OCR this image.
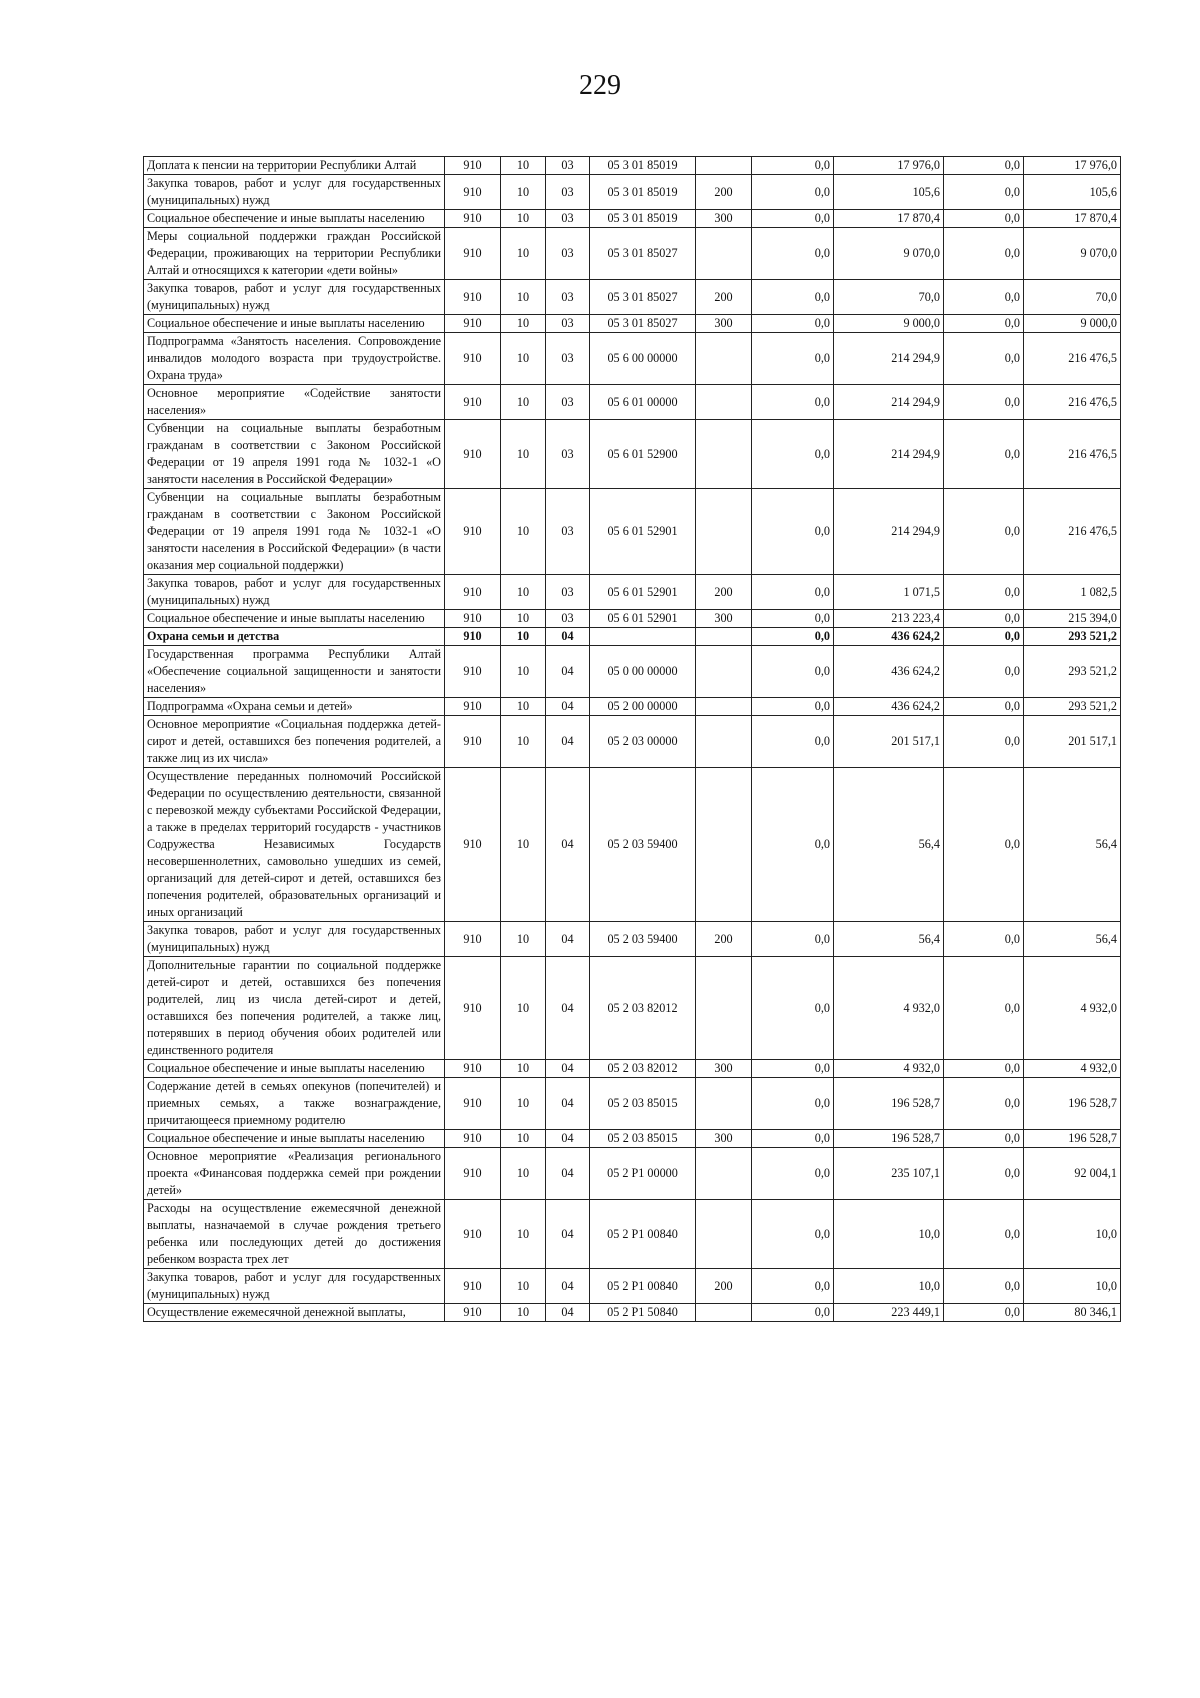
229
Доплата к пенсии на территории Республики Алтай	910	10	03	05 3 01 85019		0,0	17 976,0	0,0	17 976,0
Закупка товаров, работ и услуг для государственных (муниципальных) нужд	910	10	03	05 3 01 85019	200	0,0	105,6	0,0	105,6
Социальное обеспечение и иные выплаты населению	910	10	03	05 3 01 85019	300	0,0	17 870,4	0,0	17 870,4
Меры социальной поддержки граждан Российской Федерации, проживающих на территории Республики Алтай и относящихся к категории «дети войны»	910	10	03	05 3 01 85027		0,0	9 070,0	0,0	9 070,0
Закупка товаров, работ и услуг для государственных (муниципальных) нужд	910	10	03	05 3 01 85027	200	0,0	70,0	0,0	70,0
Социальное обеспечение и иные выплаты населению	910	10	03	05 3 01 85027	300	0,0	9 000,0	0,0	9 000,0
Подпрограмма «Занятость населения. Сопровождение инвалидов молодого возраста при трудоустройстве. Охрана труда»	910	10	03	05 6 00 00000		0,0	214 294,9	0,0	216 476,5
Основное мероприятие «Содействие занятости населения»	910	10	03	05 6 01 00000		0,0	214 294,9	0,0	216 476,5
Субвенции на социальные выплаты безработным гражданам в соответствии с Законом Российской Федерации от 19 апреля 1991 года № 1032-1 «О занятости населения в Российской Федерации»	910	10	03	05 6 01 52900		0,0	214 294,9	0,0	216 476,5
Субвенции на социальные выплаты безработным гражданам в соответствии с Законом Российской Федерации от 19 апреля 1991 года № 1032-1 «О занятости населения в Российской Федерации» (в части оказания мер социальной поддержки)	910	10	03	05 6 01 52901		0,0	214 294,9	0,0	216 476,5
Закупка товаров, работ и услуг для государственных (муниципальных) нужд	910	10	03	05 6 01 52901	200	0,0	1 071,5	0,0	1 082,5
Социальное обеспечение и иные выплаты населению	910	10	03	05 6 01 52901	300	0,0	213 223,4	0,0	215 394,0
Охрана семьи и детства	910	10	04			0,0	436 624,2	0,0	293 521,2
Государственная программа Республики Алтай «Обеспечение социальной защищенности и занятости населения»	910	10	04	05 0 00 00000		0,0	436 624,2	0,0	293 521,2
Подпрограмма «Охрана семьи и детей»	910	10	04	05 2 00 00000		0,0	436 624,2	0,0	293 521,2
Основное мероприятие «Социальная поддержка детей-сирот и детей, оставшихся без попечения родителей, а также лиц из их числа»	910	10	04	05 2 03 00000		0,0	201 517,1	0,0	201 517,1
Осуществление переданных полномочий Российской Федерации по осуществлению деятельности, связанной с перевозкой между субъектами Российской Федерации, а также в пределах территорий государств - участников Содружества Независимых Государств несовершеннолетних, самовольно ушедших из семей, организаций для детей-сирот и детей, оставшихся без попечения родителей, образовательных организаций и иных организаций	910	10	04	05 2 03 59400		0,0	56,4	0,0	56,4
Закупка товаров, работ и услуг для государственных (муниципальных) нужд	910	10	04	05 2 03 59400	200	0,0	56,4	0,0	56,4
Дополнительные гарантии по социальной поддержке детей-сирот и детей, оставшихся без попечения родителей, лиц из числа детей-сирот и детей, оставшихся без попечения родителей, а также лиц, потерявших в период обучения обоих родителей или единственного родителя	910	10	04	05 2 03 82012		0,0	4 932,0	0,0	4 932,0
Социальное обеспечение и иные выплаты населению	910	10	04	05 2 03 82012	300	0,0	4 932,0	0,0	4 932,0
Содержание детей в семьях опекунов (попечителей) и приемных семьях, а также вознаграждение, причитающееся приемному родителю	910	10	04	05 2 03 85015		0,0	196 528,7	0,0	196 528,7
Социальное обеспечение и иные выплаты населению	910	10	04	05 2 03 85015	300	0,0	196 528,7	0,0	196 528,7
Основное мероприятие «Реализация регионального проекта «Финансовая поддержка семей при рождении детей»	910	10	04	05 2 P1 00000		0,0	235 107,1	0,0	92 004,1
Расходы на осуществление ежемесячной денежной выплаты, назначаемой в случае рождения третьего ребенка или последующих детей до достижения ребенком возраста трех лет	910	10	04	05 2 P1 00840		0,0	10,0	0,0	10,0
Закупка товаров, работ и услуг для государственных (муниципальных) нужд	910	10	04	05 2 P1 00840	200	0,0	10,0	0,0	10,0
Осуществление ежемесячной денежной выплаты,	910	10	04	05 2 P1 50840		0,0	223 449,1	0,0	80 346,1
